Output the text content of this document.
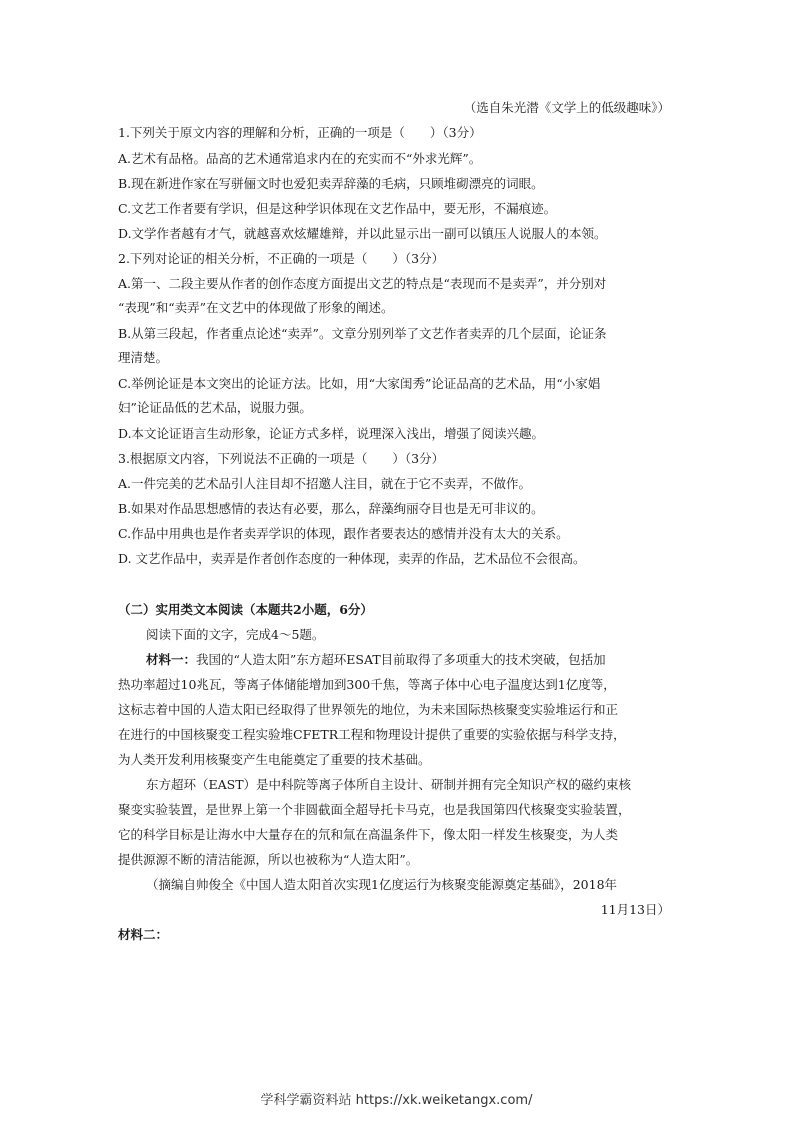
（选自朱光潜《文学上的低级趣味》）
1.下列关于原文内容的理解和分析，正确的一项是（　　）（3分）
A.艺术有品格。品高的艺术通常追求内在的充实而不“外求光辉”。
B.现在新进作家在写骈俪文时也爱犯卖弄辞藻的毛病，只顾堆砌漂亮的词眼。
C.文艺工作者要有学识，但是这种学识体现在文艺作品中，要无形，不漏痕迹。
D.文学作者越有才气，就越喜欢炫耀雄辩，并以此显示出一副可以镇压人说服人的本领。
2.下列对论证的相关分析，不正确的一项是（　　）（3分）
A.第一、二段主要从作者的创作态度方面提出文艺的特点是“表现而不是卖弄”，并分别对
“表现”和“卖弄”在文艺中的体现做了形象的阐述。
B.从第三段起，作者重点论述“卖弄”。文章分别列举了文艺作者卖弄的几个层面，论证条
理清楚。
C.举例论证是本文突出的论证方法。比如，用“大家闺秀”论证品高的艺术品，用“小家娼
妇”论证品低的艺术品，说服力强。
D.本文论证语言生动形象，论证方式多样，说理深入浅出，增强了阅读兴趣。
3.根据原文内容，下列说法不正确的一项是（　　）（3分）
A.一件完美的艺术品引人注目却不招邀人注目，就在于它不卖弄，不做作。
B.如果对作品思想感情的表达有必要，那么，辞藻绚丽夺目也是无可非议的。
C.作品中用典也是作者卖弄学识的体现，跟作者要表达的感情并没有太大的关系。
D. 文艺作品中，卖弄是作者创作态度的一种体现，卖弄的作品，艺术品位不会很高。
（二）实用类文本阅读（本题共2小题，6分）
阅读下面的文字，完成4～5题。
材料一：我国的“人造太阳”东方超环ESAT目前取得了多项重大的技术突破，包括加
热功率超过10兆瓦，等离子体储能增加到300千焦，等离子体中心电子温度达到1亿度等，
这标志着中国的人造太阳已经取得了世界领先的地位，为未来国际热核聚变实验堆运行和正
在进行的中国核聚变工程实验堆CFETR工程和物理设计提供了重要的实验依据与科学支持，
为人类开发利用核聚变产生电能奠定了重要的技术基础。
东方超环（EAST）是中科院等离子体所自主设计、研制并拥有完全知识产权的磁约束核
聚变实验装置，是世界上第一个非圆截面全超导托卡马克，也是我国第四代核聚变实验装置，
它的科学目标是让海水中大量存在的氘和氚在高温条件下，像太阳一样发生核聚变，为人类
提供源源不断的清洁能源，所以也被称为“人造太阳”。
（摘编自帅俊全《中国人造太阳首次实现1亿度运行为核聚变能源奠定基础》，2018年
11月13日）
材料二：
学科学霸资料站 https://xk.weiketangx.com/
